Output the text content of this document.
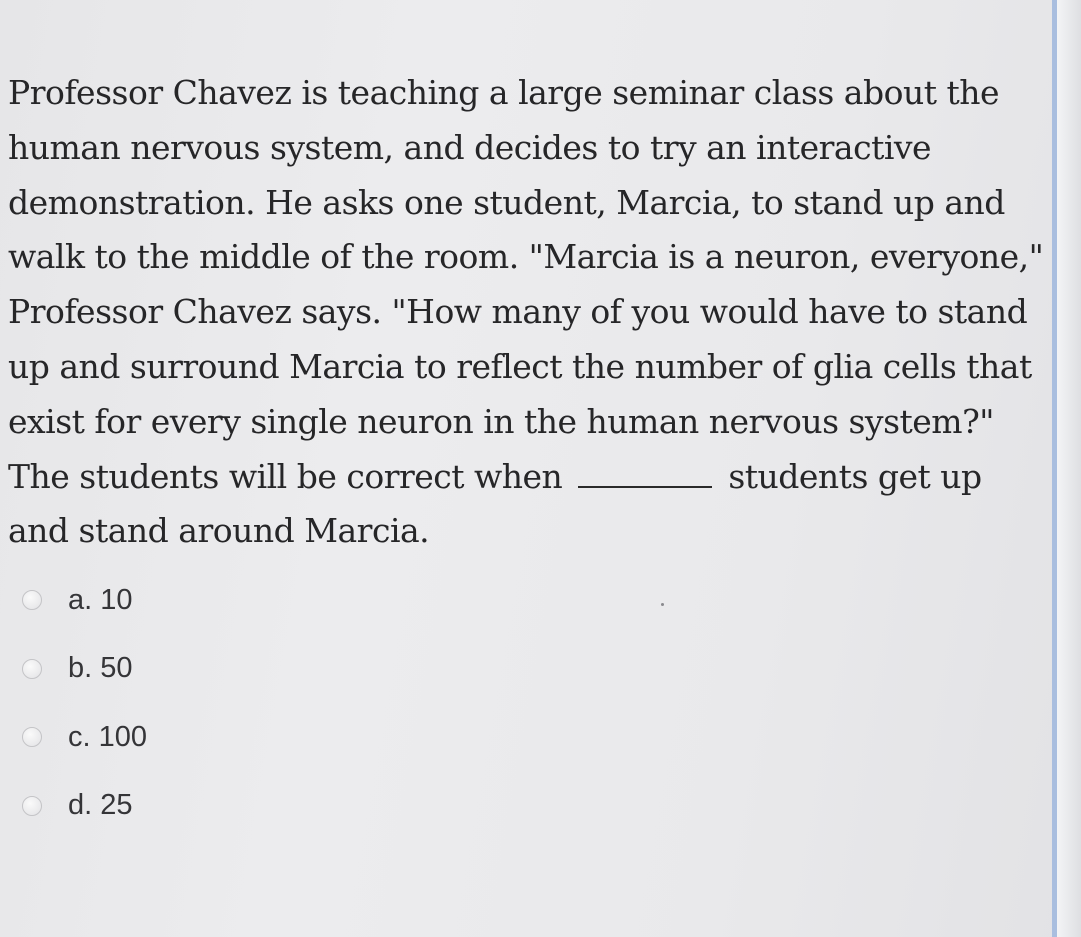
Professor Chavez is teaching a large seminar class about the human nervous system, and decides to try an interactive demonstration. He asks one student, Marcia, to stand up and walk to the middle of the room. "Marcia is a neuron, everyone," Professor Chavez says. "How many of you would have to stand up and surround Marcia to reflect the number of glia cells that exist for every single neuron in the human nervous system?" The students will be correct when	students get up and stand around Marcia.

a. 10
b. 50
c. 100
d. 25
